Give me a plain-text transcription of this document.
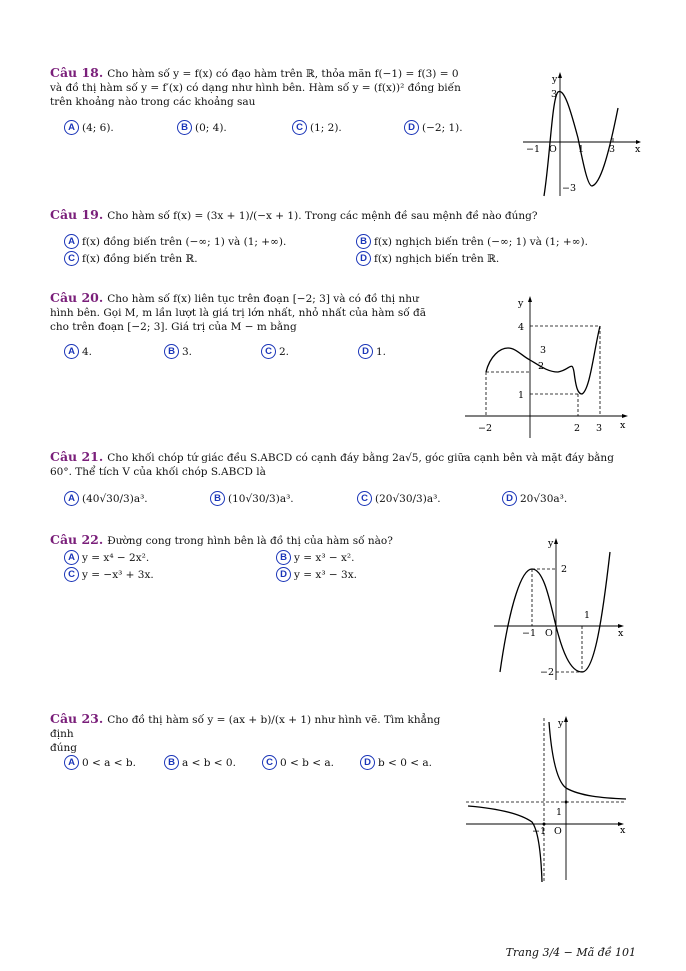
Câu 18. Cho hàm số y = f(x) có đạo hàm trên ℝ, thỏa mãn f(−1) = f(3) = 0
và đồ thị hàm số y = f′(x) có dạng như hình bên. Hàm số y = (f(x))² đồng biến
trên khoảng nào trong các khoảng sau
A (4; 6).	B (0; 4).	C (1; 2).	D (−2; 1).
y
x
3
−1 O 1	3
−3
Câu 19. Cho hàm số f(x) = (3x + 1)/(−x + 1). Trong các mệnh đề sau mệnh đề nào đúng?
A f(x) đồng biến trên (−∞; 1) và (1; +∞).	B f(x) nghịch biến trên (−∞; 1) và (1; +∞).
C f(x) đồng biến trên ℝ.	D f(x) nghịch biến trên ℝ.
Câu 20. Cho hàm số f(x) liên tục trên đoạn [−2; 3] và có đồ thị như
hình bên. Gọi M, m lần lượt là giá trị lớn nhất, nhỏ nhất của hàm số đã
cho trên đoạn [−2; 3]. Giá trị của M − m bằng
A 4.	B 3.	C 2.	D 1.
y
x
4
3
2
1
−2	2 3
Câu 21. Cho khối chóp tứ giác đều S.ABCD có cạnh đáy bằng 2a√5, góc giữa cạnh bên và mặt đáy bằng
60°. Thể tích V của khối chóp S.ABCD là
A (40√30/3)a³.	B (10√30/3)a³.	C (20√30/3)a³.	D 20√30a³.
Câu 22. Đường cong trong hình bên là đồ thị của hàm số nào?
A y = x⁴ − 2x².	B y = x³ − x².
C y = −x³ + 3x.	D y = x³ − 3x.
y
x
2
1
−1 O
−2
Câu 23. Cho đồ thị hàm số y = (ax + b)/(x + 1) như hình vẽ. Tìm khẳng định
đúng
A 0 < a < b.	B a < b < 0.	C 0 < b < a.	D b < 0 < a.
y
x
1
−1 O
Trang 3/4 − Mã đề 101
